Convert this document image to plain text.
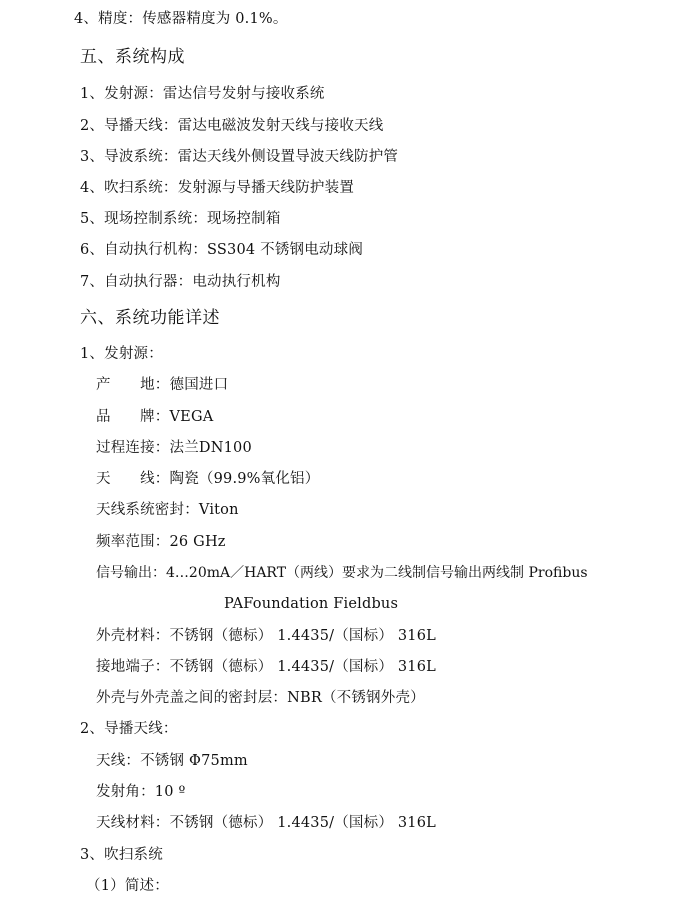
4、精度：传感器精度为 0.1%。
五、系统构成
1、发射源：雷达信号发射与接收系统
2、导播天线：雷达电磁波发射天线与接收天线
3、导波系统：雷达天线外侧设置导波天线防护管
4、吹扫系统：发射源与导播天线防护装置
5、现场控制系统：现场控制箱
6、自动执行机构：SS304 不锈钢电动球阀
7、自动执行器：电动执行机构
六、系统功能详述
1、发射源：
产　　地：德国进口
品　　牌：VEGA
过程连接：法兰DN100
天　　线：陶瓷（99.9%氧化铝）
天线系统密封：Viton
频率范围：26 GHz
信号输出：4…20mA／HART（两线）要求为二线制信号输出两线制 Profibus
PAFoundation Fieldbus
外壳材料：不锈钢（德标） 1.4435/（国标） 316L
接地端子：不锈钢（德标） 1.4435/（国标） 316L
外壳与外壳盖之间的密封层：NBR（不锈钢外壳）
2、导播天线：
天线：不锈钢 Φ75mm
发射角：10 º
天线材料：不锈钢（德标） 1.4435/（国标） 316L
3、吹扫系统
（1）简述：
